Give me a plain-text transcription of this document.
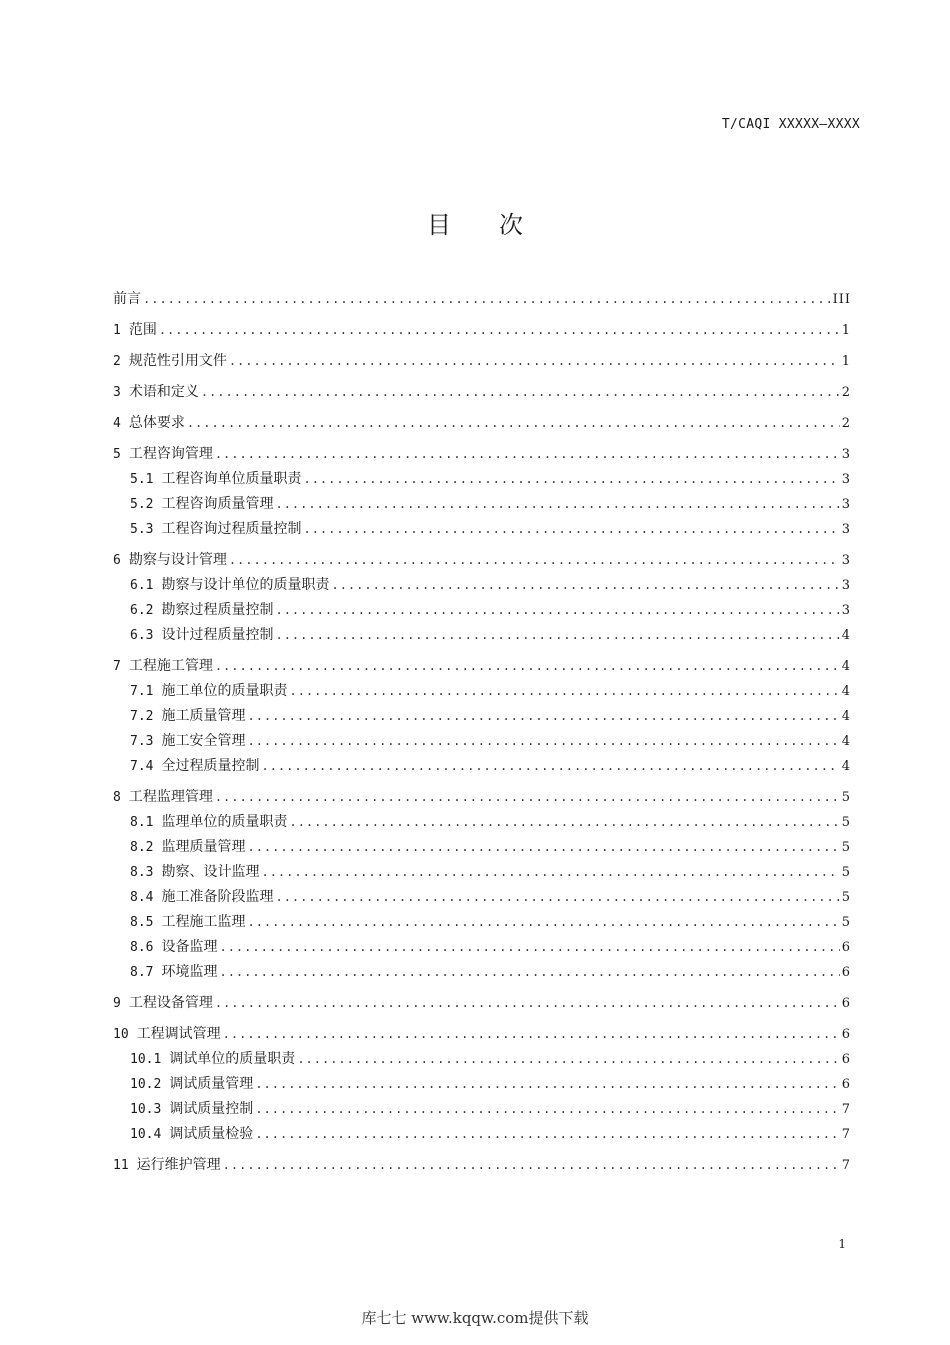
T/CAQI XXXXX—XXXX
目次
前言 .....	III
1 范围 .....	1
2 规范性引用文件 .....	1
3 术语和定义 .....	2
4 总体要求 .....	2
5 工程咨询管理 .....	3
5.1 工程咨询单位质量职责 .....	3
5.2 工程咨询质量管理 .....	3
5.3 工程咨询过程质量控制 .....	3
6 勘察与设计管理 .....	3
6.1 勘察与设计单位的质量职责 .....	3
6.2 勘察过程质量控制 .....	3
6.3 设计过程质量控制 .....	4
7 工程施工管理 .....	4
7.1 施工单位的质量职责 .....	4
7.2 施工质量管理 .....	4
7.3 施工安全管理 .....	4
7.4 全过程质量控制 .....	4
8 工程监理管理 .....	5
8.1 监理单位的质量职责 .....	5
8.2 监理质量管理 .....	5
8.3 勘察、设计监理 .....	5
8.4 施工准备阶段监理 .....	5
8.5 工程施工监理 .....	5
8.6 设备监理 .....	6
8.7 环境监理 .....	6
9 工程设备管理 .....	6
10 工程调试管理 .....	6
10.1 调试单位的质量职责 .....	6
10.2 调试质量管理 .....	6
10.3 调试质量控制 .....	7
10.4 调试质量检验 .....	7
11 运行维护管理 .....	7
1
库七七 www.kqqw.com提供下载
